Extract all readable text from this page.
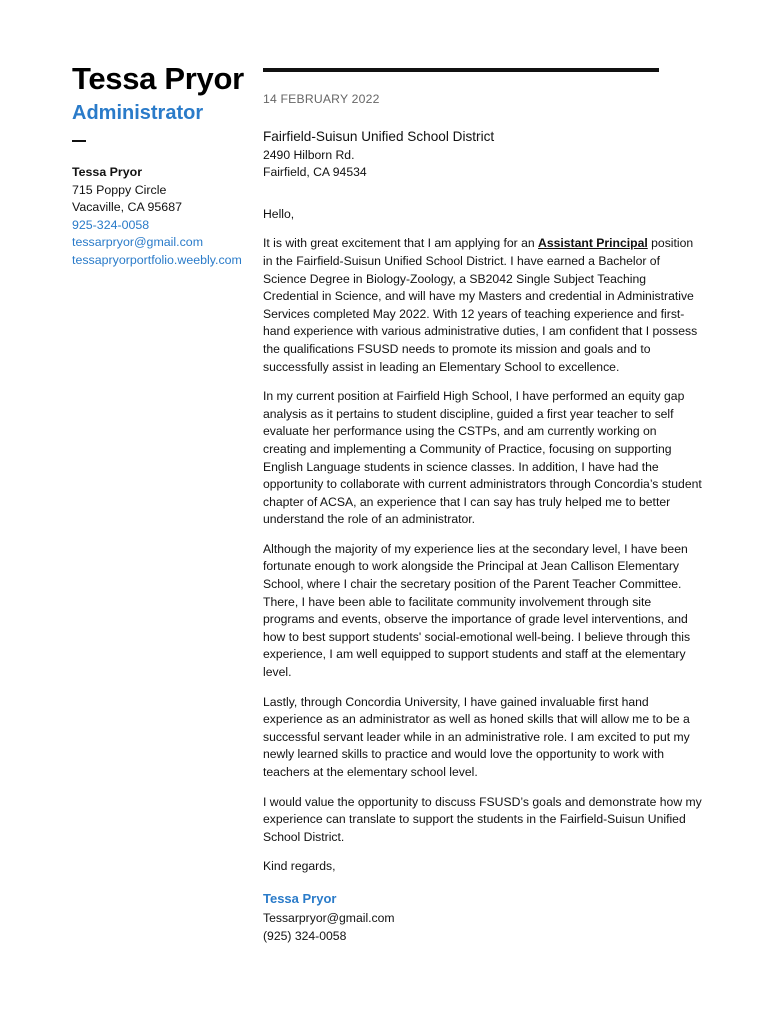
Tessa Pryor
Administrator
Tessa Pryor
715 Poppy Circle
Vacaville, CA 95687
925-324-0058
tessarpryor@gmail.com
tessapryorportfolio.weebly.com
14 FEBRUARY 2022
Fairfield-Suisun Unified School District
2490 Hilborn Rd.
Fairfield, CA 94534
Hello,

It is with great excitement that I am applying for an Assistant Principal position in the Fairfield-Suisun Unified School District. I have earned a Bachelor of Science Degree in Biology-Zoology, a SB2042 Single Subject Teaching Credential in Science, and will have my Masters and credential in Administrative Services completed May 2022. With 12 years of teaching experience and first-hand experience with various administrative duties, I am confident that I possess the qualifications FSUSD needs to promote its mission and goals and to successfully assist in leading an Elementary School to excellence.

In my current position at Fairfield High School, I have performed an equity gap analysis as it pertains to student discipline, guided a first year teacher to self evaluate her performance using the CSTPs, and am currently working on creating and implementing a Community of Practice, focusing on supporting English Language students in science classes. In addition, I have had the opportunity to collaborate with current administrators through Concordia’s student chapter of ACSA, an experience that I can say has truly helped me to better understand the role of an administrator.

Although the majority of my experience lies at the secondary level, I have been fortunate enough to work alongside the Principal at Jean Callison Elementary School, where I chair the secretary position of the Parent Teacher Committee. There, I have been able to facilitate community involvement through site programs and events, observe the importance of grade level interventions, and how to best support students' social-emotional well-being. I believe through this experience, I am well equipped to support students and staff at the elementary level.

Lastly, through Concordia University, I have gained invaluable first hand experience as an administrator as well as honed skills that will allow me to be a successful servant leader while in an administrative role. I am excited to put my newly learned skills to practice and would love the opportunity to work with teachers at the elementary school level.

I would value the opportunity to discuss FSUSD’s goals and demonstrate how my experience can translate to support the students in the Fairfield-Suisun Unified School District.

Kind regards,

Tessa Pryor
Tessarpryor@gmail.com
(925) 324-0058
